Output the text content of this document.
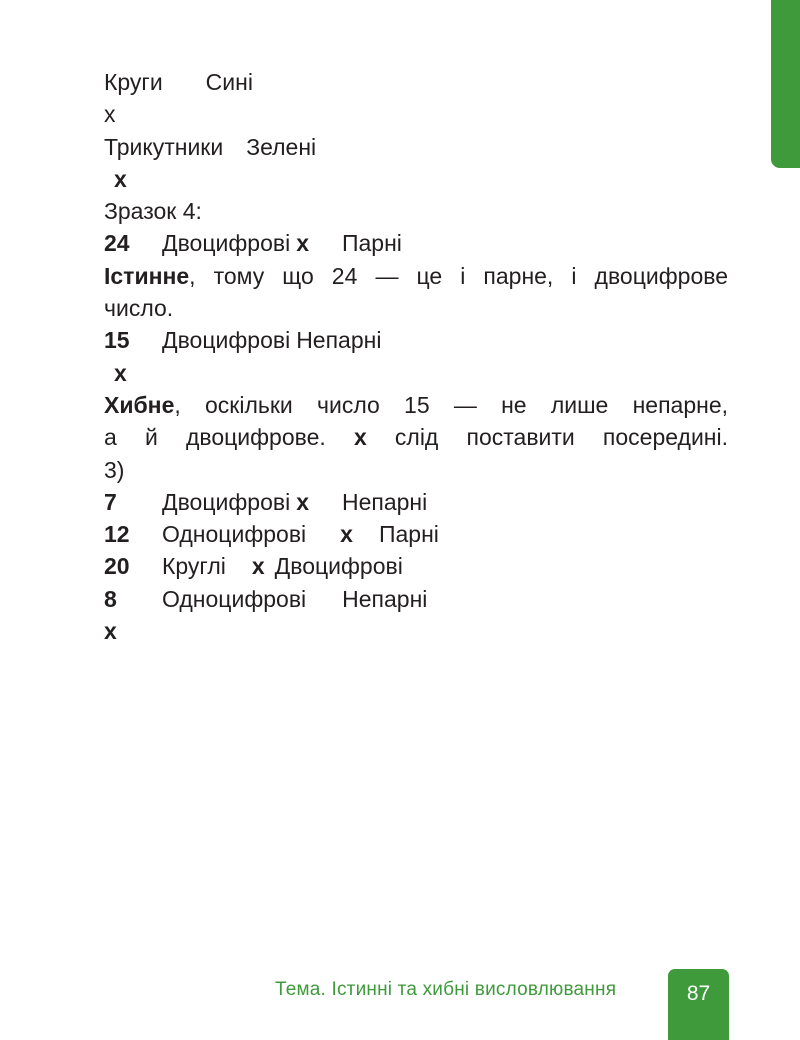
Круги Сині
х
Трикутники Зелені
х
Зразок 4:
24 Двоцифрові х Парні
Істинне, тому що 24 — це і парне, і двоцифрове
число.
15 Двоцифрові Непарні
х
Хибне, оскільки число 15 — не лише непарне,
а й двоцифрове. х слід поставити посередині.
3)
7 Двоцифрові х Непарні
12 Одноцифрові х Парні
20 Круглі х Двоцифрові
8 Одноцифрові Непарні
х
Тема. Істинні та хибні висловлювання	87
